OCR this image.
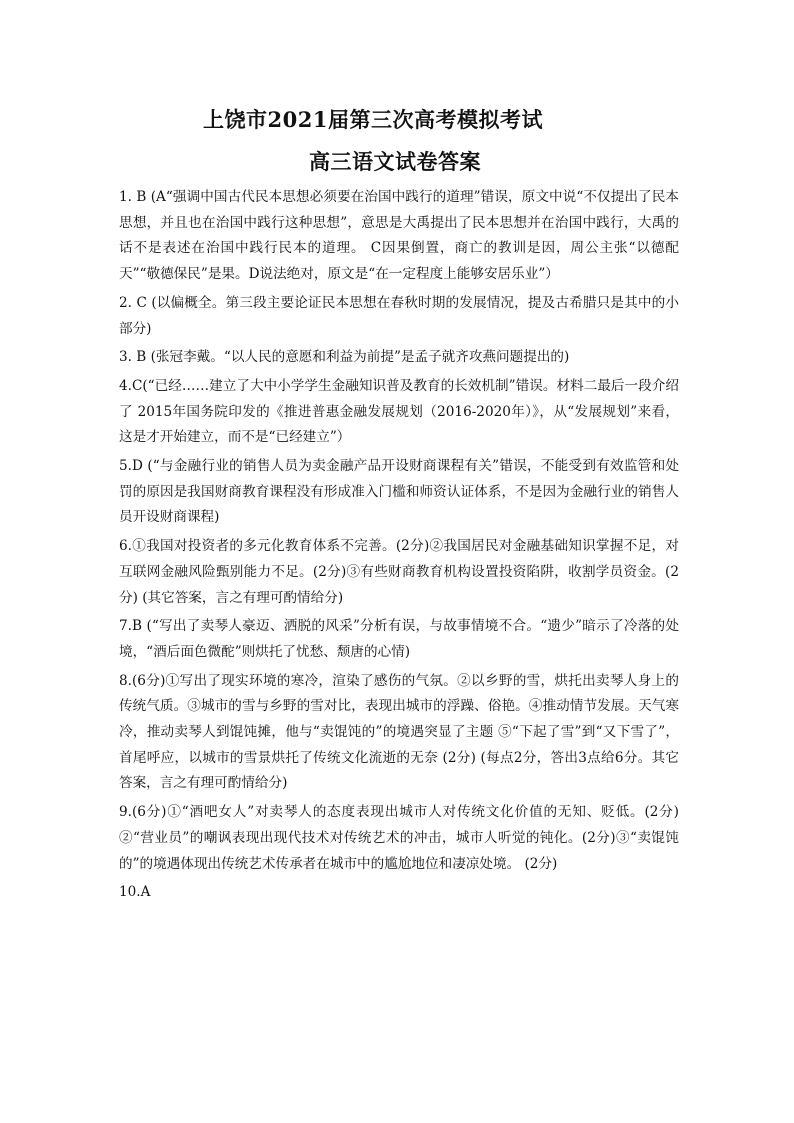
上饶市2021届第三次高考模拟考试
高三语文试卷答案

1. B (A“强调中国古代民本思想必须要在治国中践行的道理”错误，原文中说“不仅提出了民本思想，并且也在治国中践行这种思想”，意思是大禹提出了民本思想并在治国中践行，大禹的话不是表述在治国中践行民本的道理。 C因果倒置，商亡的教训是因，周公主张“以德配天”“敬德保民”是果。D说法绝对，原文是“在一定程度上能够安居乐业”）

2. C (以偏概全。第三段主要论证民本思想在春秋时期的发展情况，提及古希腊只是其中的小部分)

3. B (张冠李戴。“以人民的意愿和利益为前提”是孟子就齐攻燕问题提出的)

4.C(“已经……建立了大中小学学生金融知识普及教育的长效机制”错误。材料二最后一段介绍了 2015年国务院印发的《推进普惠金融发展规划（2016-2020年）》，从“发展规划”来看，这是才开始建立，而不是“已经建立”）

5.D (“与金融行业的销售人员为卖金融产品开设财商课程有关”错误，不能受到有效监管和处罚的原因是我国财商教育课程没有形成准入门槛和师资认证体系，不是因为金融行业的销售人员开设财商课程)

6.①我国对投资者的多元化教育体系不完善。(2分)②我国居民对金融基础知识掌握不足，对互联网金融风险甄别能力不足。(2分)③有些财商教育机构设置投资陷阱，收割学员资金。(2分) (其它答案，言之有理可酌情给分)

7.B (“写出了卖琴人豪迈、洒脱的风采”分析有误，与故事情境不合。“遗少”暗示了冷落的处境，“酒后面色微酡”则烘托了忧愁、颓唐的心情)

8.(6分)①写出了现实环境的寒冷，渲染了感伤的气氛。②以乡野的雪，烘托出卖琴人身上的传统气质。③城市的雪与乡野的雪对比，表现出城市的浮躁、俗艳。④推动情节发展。天气寒冷，推动卖琴人到馄饨摊，他与“卖馄饨的”的境遇突显了主题 ⑤“下起了雪”到“又下雪了”，首尾呼应，以城市的雪景烘托了传统文化流逝的无奈 (2分) (每点2分，答出3点给6分。其它答案，言之有理可酌情给分)

9.(6分)①“酒吧女人”对卖琴人的态度表现出城市人对传统文化价值的无知、贬低。(2分)②“营业员”的嘲讽表现出现代技术对传统艺术的冲击，城市人听觉的钝化。(2分)③“卖馄饨的”的境遇体现出传统艺术传承者在城市中的尴尬地位和凄凉处境。 (2分)

10.A
